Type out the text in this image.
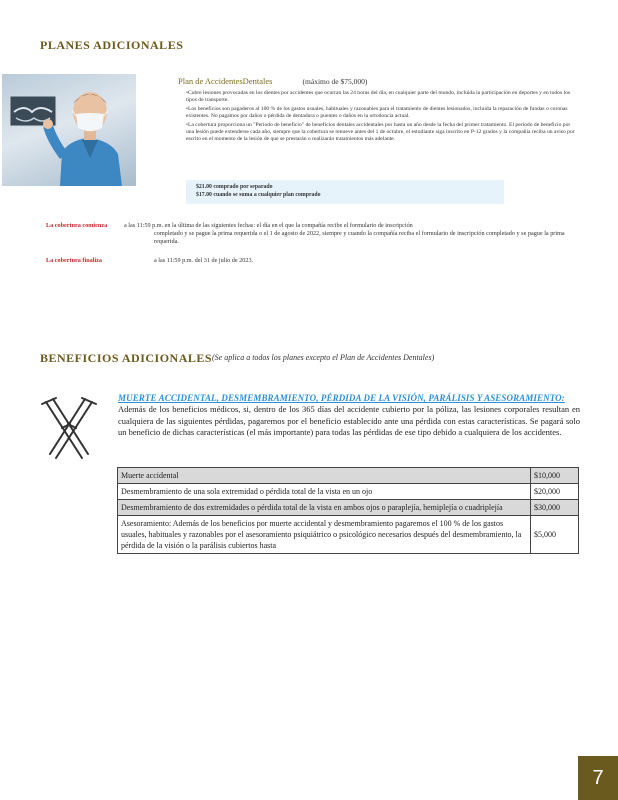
PLANES ADICIONALES
Plan de AccidentesDentales	(máximo de $75,000)

•Cubre lesiones provocadas en los dientes por accidentes que ocurran las 24 horas del día, en cualquier parte del mundo, incluida la participación en deportes y en todos los tipos de transporte.

•Los beneficios son pagaderos al 100 % de los gastos usuales, habituales y razonables para el tratamiento de dientes lesionados, incluida la reparación de fundas o coronas existentes. No pagamos por daños o pérdida de dentadura o puentes o daños en la ortodoncia actual.

•La cobertura proporciona un "Período de beneficio" de beneficios dentales accidentales por hasta un año desde la fecha del primer tratamiento. El período de beneficio por una lesión puede extenderse cada año, siempre que la cobertura se renueve antes del 1 de octubre, el estudiante siga inscrito en P-12 grados y la compañía reciba un aviso por escrito en el momento de la lesión de que se prestarán o realizarán tratamientos más adelante.

$21.00 comprado por separado
$17.00 cuando se suma a cualquier plan comprado
La cobertura comienza	a las 11:59 p.m. en la última de las siguientes fechas: el día en el que la compañía recibe el formulario de inscripción
completado y se pague la prima requerida o el 1 de agosto de 2022, siempre y cuando la compañía reciba el formulario de inscripción completado y se pague la prima requerida.
La cobertura finaliza	a las 11:59 p.m. del 31 de julio de 2023.
BENEFICIOS ADICIONALES (Se aplica a todos los planes excepto el Plan de Accidentes Dentales)
MUERTE ACCIDENTAL, DESMEMBRAMIENTO, PÉRDIDA DE LA VISIÓN, PARÁLISIS Y ASESORAMIENTO:
Además de los beneficios médicos, si, dentro de los 365 días del accidente cubierto por la póliza, las lesiones corporales resultan en cualquiera de las siguientes pérdidas, pagaremos por el beneficio establecido ante una pérdida con estas características. Se pagará solo un beneficio de dichas características (el más importante) para todas las pérdidas de ese tipo debido a cualquiera de los accidentes.
Muerte accidental	$10,000
Desmembramiento de una sola extremidad o pérdida total de la vista en un ojo	$20,000
Desmembramiento de dos extremidades o pérdida total de la vista en ambos ojos o paraplejía, hemiplejía o cuadriplejía	$30,000
Asesoramiento: Además de los beneficios por muerte accidental y desmembramiento pagaremos el 100 % de los gastos usuales, habituales y razonables por el asesoramiento psiquiátrico o psicológico necesarios después del desmembramiento, la pérdida de la visión o la parálisis cubiertos hasta	$5,000
7
